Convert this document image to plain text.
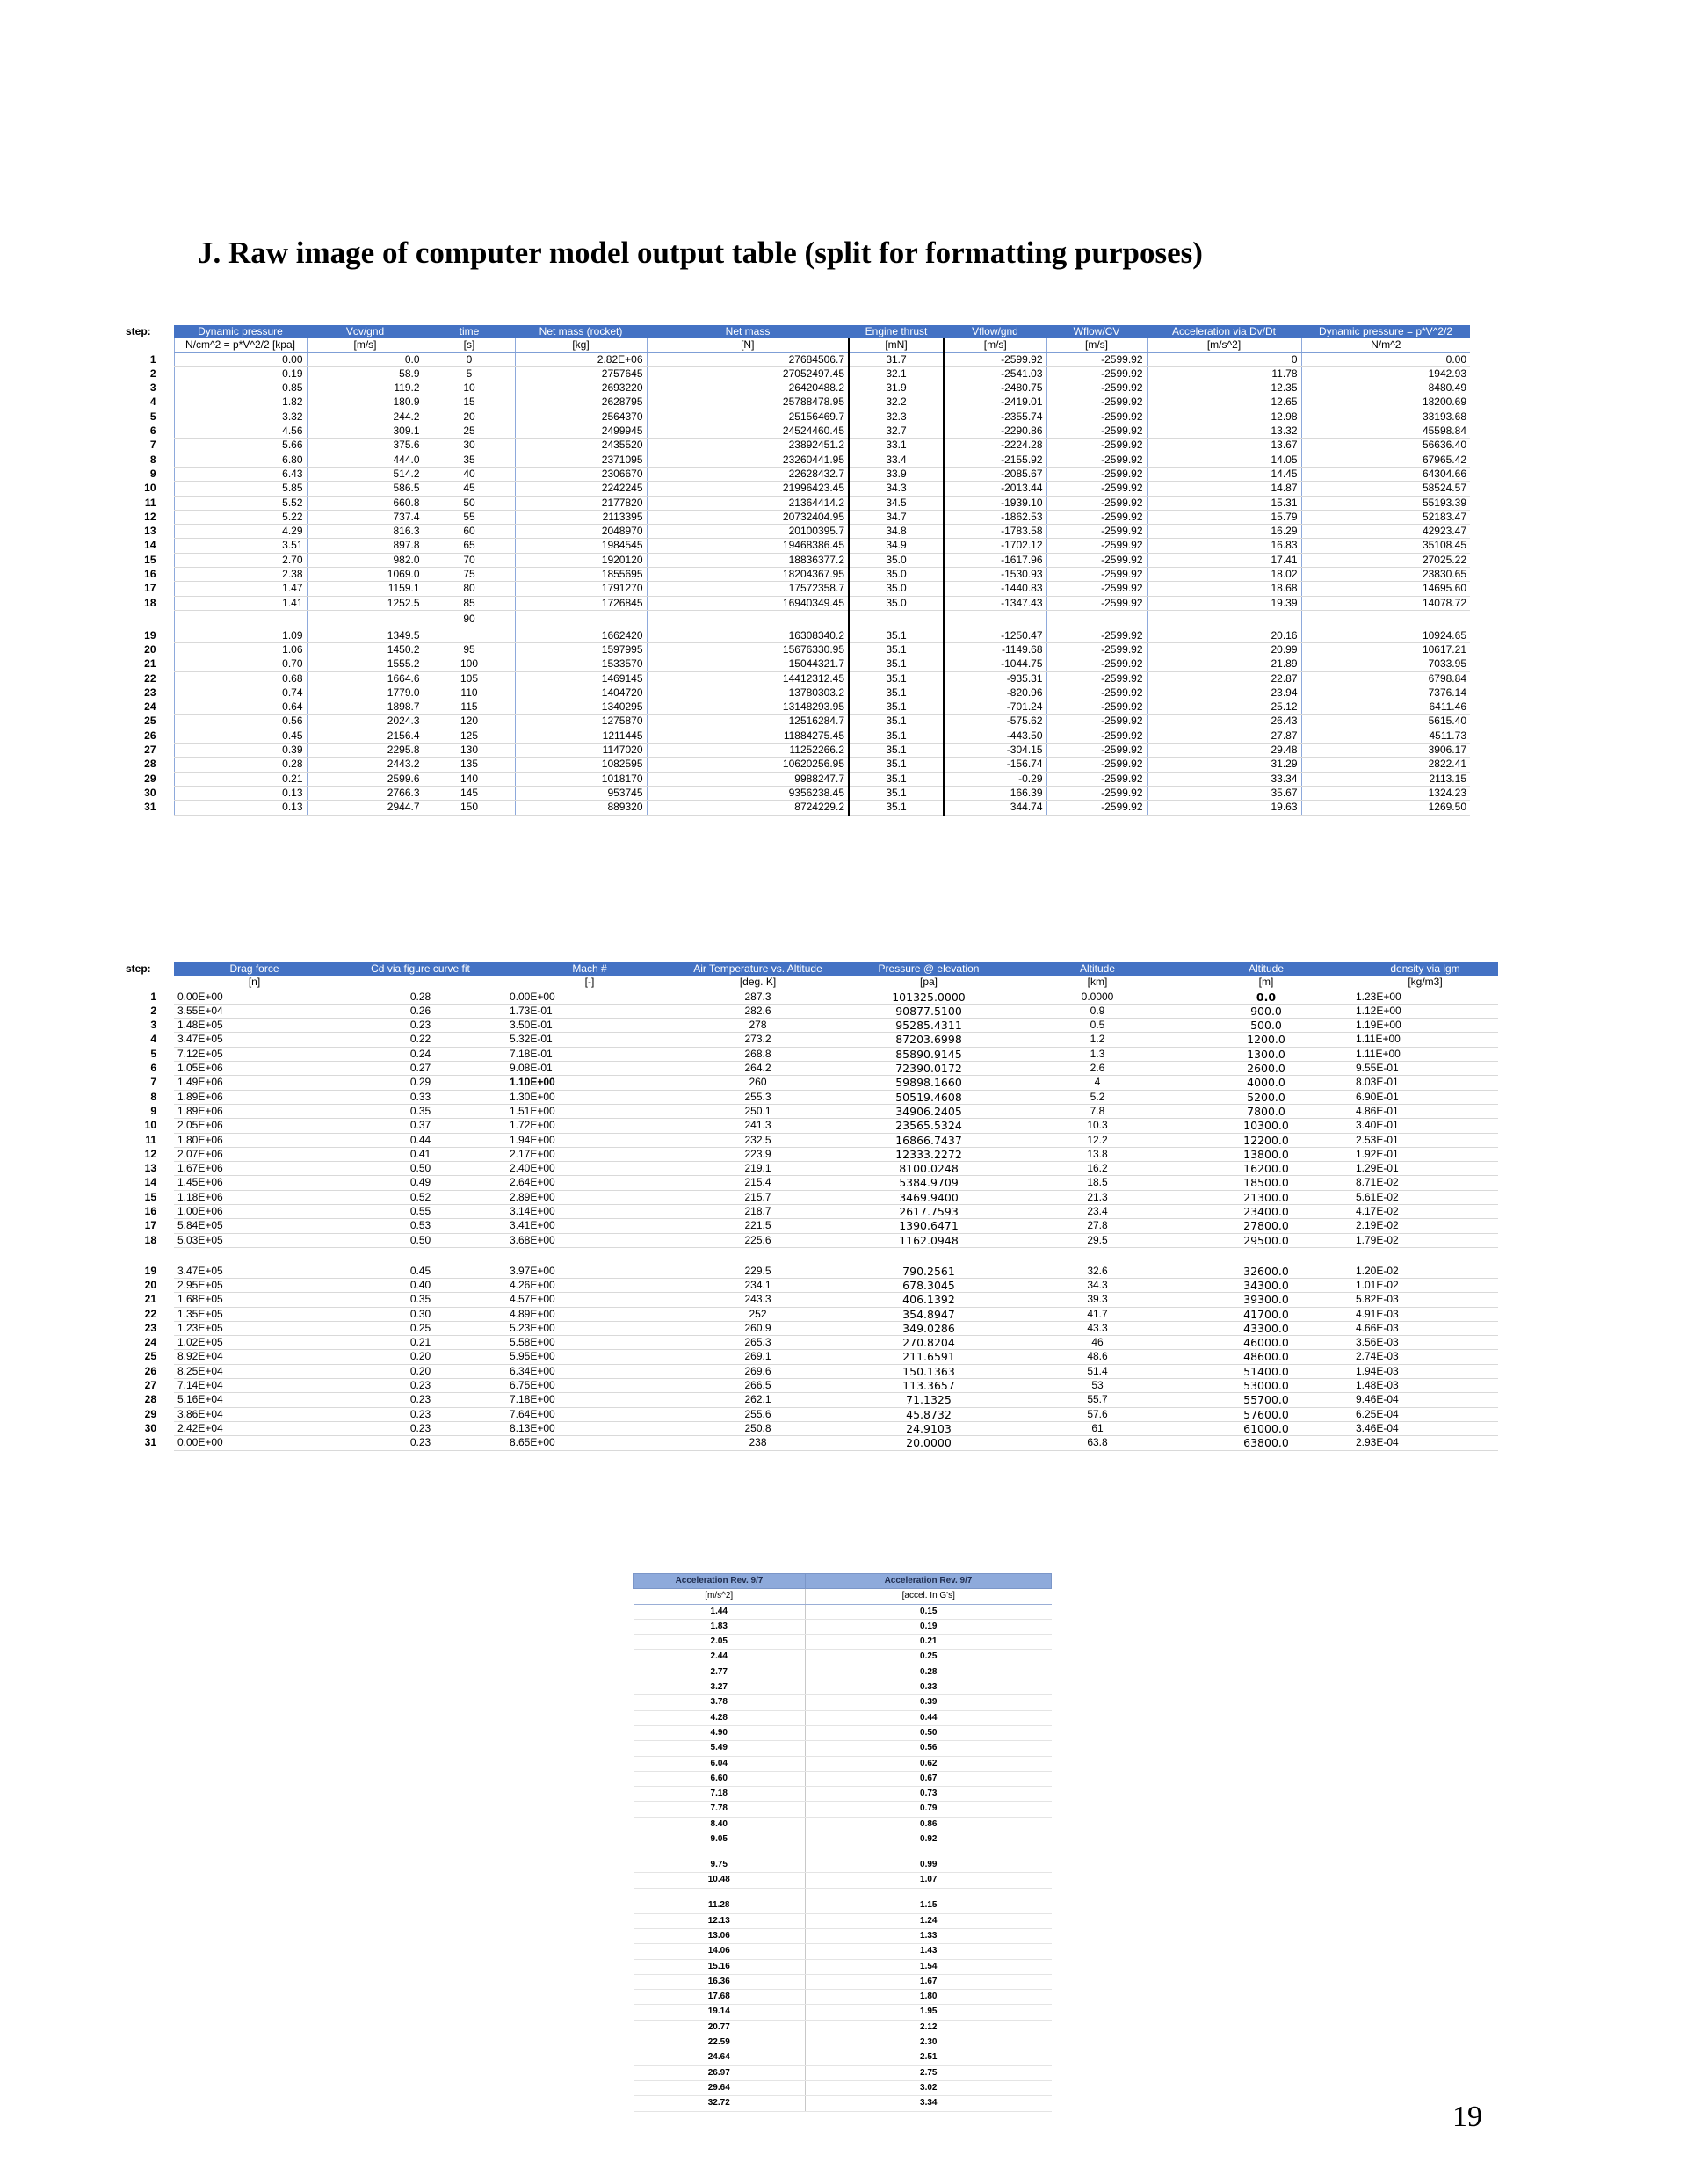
J. Raw image of computer model output table (split for formatting purposes)
step:	Dynamic pressure	Vcv/gnd	time	Net mass (rocket)	Net mass	Engine thrust	Vflow/gnd	Wflow/CV	Acceleration via Dv/Dt	Dynamic pressure = p*V^2/2
	N/cm^2 = p*V^2/2 [kpa]	[m/s]	[s]	[kg]	[N]	[mN]	[m/s]	[m/s]	[m/s^2]	N/m^2
1	0.00	0.0	0	2.82E+06	27684506.7	31.7	-2599.92	-2599.92	0	0.00
2	0.19	58.9	5	2757645	27052497.45	32.1	-2541.03	-2599.92	11.78	1942.93
3	0.85	119.2	10	2693220	26420488.2	31.9	-2480.75	-2599.92	12.35	8480.49
4	1.82	180.9	15	2628795	25788478.95	32.2	-2419.01	-2599.92	12.65	18200.69
5	3.32	244.2	20	2564370	25156469.7	32.3	-2355.74	-2599.92	12.98	33193.68
6	4.56	309.1	25	2499945	24524460.45	32.7	-2290.86	-2599.92	13.32	45598.84
7	5.66	375.6	30	2435520	23892451.2	33.1	-2224.28	-2599.92	13.67	56636.40
8	6.80	444.0	35	2371095	23260441.95	33.4	-2155.92	-2599.92	14.05	67965.42
9	6.43	514.2	40	2306670	22628432.7	33.9	-2085.67	-2599.92	14.45	64304.66
10	5.85	586.5	45	2242245	21996423.45	34.3	-2013.44	-2599.92	14.87	58524.57
11	5.52	660.8	50	2177820	21364414.2	34.5	-1939.10	-2599.92	15.31	55193.39
12	5.22	737.4	55	2113395	20732404.95	34.7	-1862.53	-2599.92	15.79	52183.47
13	4.29	816.3	60	2048970	20100395.7	34.8	-1783.58	-2599.92	16.29	42923.47
14	3.51	897.8	65	1984545	19468386.45	34.9	-1702.12	-2599.92	16.83	35108.45
15	2.70	982.0	70	1920120	18836377.2	35.0	-1617.96	-2599.92	17.41	27025.22
16	2.38	1069.0	75	1855695	18204367.95	35.0	-1530.93	-2599.92	18.02	23830.65
17	1.47	1159.1	80	1791270	17572358.7	35.0	-1440.83	-2599.92	18.68	14695.60
18	1.41	1252.5	85	1726845	16940349.45	35.0	-1347.43	-2599.92	19.39	14078.72
19	1.09	1349.5	90	1662420	16308340.2	35.1	-1250.47	-2599.92	20.16	10924.65
20	1.06	1450.2	95	1597995	15676330.95	35.1	-1149.68	-2599.92	20.99	10617.21
21	0.70	1555.2	100	1533570	15044321.7	35.1	-1044.75	-2599.92	21.89	7033.95
22	0.68	1664.6	105	1469145	14412312.45	35.1	-935.31	-2599.92	22.87	6798.84
23	0.74	1779.0	110	1404720	13780303.2	35.1	-820.96	-2599.92	23.94	7376.14
24	0.64	1898.7	115	1340295	13148293.95	35.1	-701.24	-2599.92	25.12	6411.46
25	0.56	2024.3	120	1275870	12516284.7	35.1	-575.62	-2599.92	26.43	5615.40
26	0.45	2156.4	125	1211445	11884275.45	35.1	-443.50	-2599.92	27.87	4511.73
27	0.39	2295.8	130	1147020	11252266.2	35.1	-304.15	-2599.92	29.48	3906.17
28	0.28	2443.2	135	1082595	10620256.95	35.1	-156.74	-2599.92	31.29	2822.41
29	0.21	2599.6	140	1018170	9988247.7	35.1	-0.29	-2599.92	33.34	2113.15
30	0.13	2766.3	145	953745	9356238.45	35.1	166.39	-2599.92	35.67	1324.23
31	0.13	2944.7	150	889320	8724229.2	35.1	344.74	-2599.92	19.63	1269.50
step:	Drag force	Cd via figure curve fit	Mach #	Air Temperature vs. Altitude	Pressure @ elevation	Altitude	Altitude	density via igm
	[n]		[-]	[deg. K]	[pa]	[km]	[m]	[kg/m3]
1	0.00E+00	0.28	0.00E+00	287.3	101325.0000	0.0000	0.0	1.23E+00
2	3.55E+04	0.26	1.73E-01	282.6	90877.5100	0.9	900.0	1.12E+00
3	1.48E+05	0.23	3.50E-01	278	95285.4311	0.5	500.0	1.19E+00
4	3.47E+05	0.22	5.32E-01	273.2	87203.6998	1.2	1200.0	1.11E+00
5	7.12E+05	0.24	7.18E-01	268.8	85890.9145	1.3	1300.0	1.11E+00
6	1.05E+06	0.27	9.08E-01	264.2	72390.0172	2.6	2600.0	9.55E-01
7	1.49E+06	0.29	1.10E+00	260	59898.1660	4	4000.0	8.03E-01
8	1.89E+06	0.33	1.30E+00	255.3	50519.4608	5.2	5200.0	6.90E-01
9	1.89E+06	0.35	1.51E+00	250.1	34906.2405	7.8	7800.0	4.86E-01
10	2.05E+06	0.37	1.72E+00	241.3	23565.5324	10.3	10300.0	3.40E-01
11	1.80E+06	0.44	1.94E+00	232.5	16866.7437	12.2	12200.0	2.53E-01
12	2.07E+06	0.41	2.17E+00	223.9	12333.2272	13.8	13800.0	1.92E-01
13	1.67E+06	0.50	2.40E+00	219.1	8100.0248	16.2	16200.0	1.29E-01
14	1.45E+06	0.49	2.64E+00	215.4	5384.9709	18.5	18500.0	8.71E-02
15	1.18E+06	0.52	2.89E+00	215.7	3469.9400	21.3	21300.0	5.61E-02
16	1.00E+06	0.55	3.14E+00	218.7	2617.7593	23.4	23400.0	4.17E-02
17	5.84E+05	0.53	3.41E+00	221.5	1390.6471	27.8	27800.0	2.19E-02
18	5.03E+05	0.50	3.68E+00	225.6	1162.0948	29.5	29500.0	1.79E-02
19	3.47E+05	0.45	3.97E+00	229.5	790.2561	32.6	32600.0	1.20E-02
20	2.95E+05	0.40	4.26E+00	234.1	678.3045	34.3	34300.0	1.01E-02
21	1.68E+05	0.35	4.57E+00	243.3	406.1392	39.3	39300.0	5.82E-03
22	1.35E+05	0.30	4.89E+00	252	354.8947	41.7	41700.0	4.91E-03
23	1.23E+05	0.25	5.23E+00	260.9	349.0286	43.3	43300.0	4.66E-03
24	1.02E+05	0.21	5.58E+00	265.3	270.8204	46	46000.0	3.56E-03
25	8.92E+04	0.20	5.95E+00	269.1	211.6591	48.6	48600.0	2.74E-03
26	8.25E+04	0.20	6.34E+00	269.6	150.1363	51.4	51400.0	1.94E-03
27	7.14E+04	0.23	6.75E+00	266.5	113.3657	53	53000.0	1.48E-03
28	5.16E+04	0.23	7.18E+00	262.1	71.1325	55.7	55700.0	9.46E-04
29	3.86E+04	0.23	7.64E+00	255.6	45.8732	57.6	57600.0	6.25E-04
30	2.42E+04	0.23	8.13E+00	250.8	24.9103	61	61000.0	3.46E-04
31	0.00E+00	0.23	8.65E+00	238	20.0000	63.8	63800.0	2.93E-04
Acceleration Rev. 9/7	Acceleration Rev. 9/7
[m/s^2]	[accel. In G's]
1.44	0.15
1.83	0.19
2.05	0.21
2.44	0.25
2.77	0.28
3.27	0.33
3.78	0.39
4.28	0.44
4.90	0.50
5.49	0.56
6.04	0.62
6.60	0.67
7.18	0.73
7.78	0.79
8.40	0.86
9.05	0.92
9.75	0.99
10.48	1.07
11.28	1.15
12.13	1.24
13.06	1.33
14.06	1.43
15.16	1.54
16.36	1.67
17.68	1.80
19.14	1.95
20.77	2.12
22.59	2.30
24.64	2.51
26.97	2.75
29.64	3.02
32.72	3.34	19
